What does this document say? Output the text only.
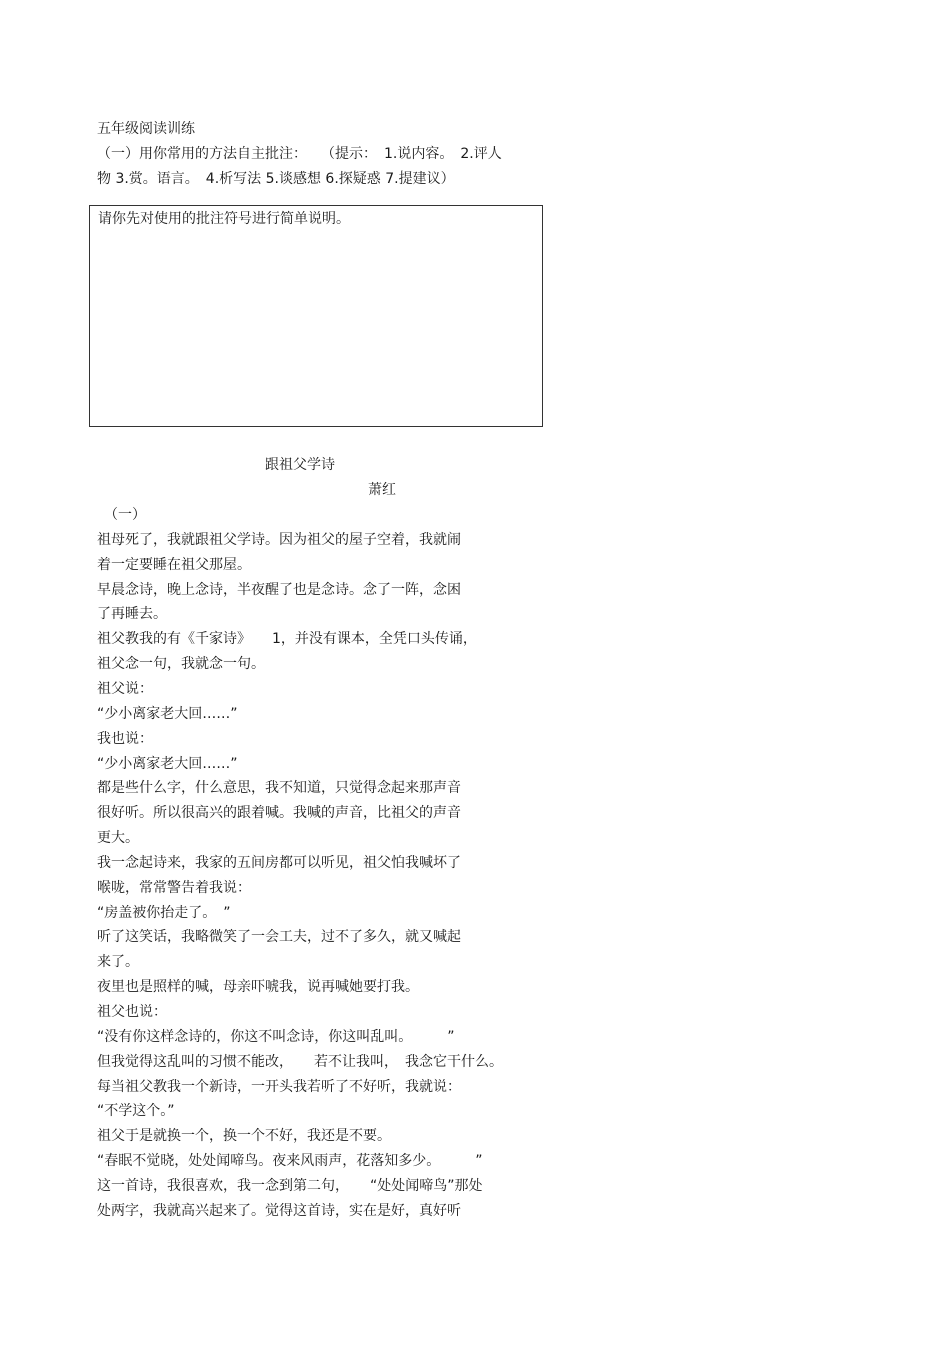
五年级阅读训练
（一）用你常用的方法自主批注：　　（提示：　1.说内容。　2.评人
物 3.赏。语言。　4.析写法 5.谈感想 6.探疑惑 7.提建议）
请你先对使用的批注符号进行简单说明。
跟祖父学诗
萧红
（一）
祖母死了，我就跟祖父学诗。因为祖父的屋子空着，我就闹
着一定要睡在祖父那屋。
早晨念诗，晚上念诗，半夜醒了也是念诗。念了一阵，念困
了再睡去。
祖父教我的有《千家诗》　　1，并没有课本，全凭口头传诵，
祖父念一句，我就念一句。
祖父说：
“少小离家老大回……”
我也说：
“少小离家老大回……”
都是些什么字，什么意思，我不知道，只觉得念起来那声音
很好听。所以很高兴的跟着喊。我喊的声音，比祖父的声音
更大。
我一念起诗来，我家的五间房都可以听见，祖父怕我喊坏了
喉咙，常常警告着我说：
“房盖被你抬走了。　”
听了这笑话，我略微笑了一会工夫，过不了多久，就又喊起
来了。
夜里也是照样的喊，母亲吓唬我，说再喊她要打我。
祖父也说：
“没有你这样念诗的，你这不叫念诗，你这叫乱叫。　　　”
但我觉得这乱叫的习惯不能改，　　若不让我叫，　我念它干什么。
每当祖父教我一个新诗，一开头我若听了不好听，我就说：
“不学这个。”
祖父于是就换一个，换一个不好，我还是不要。
“春眠不觉晓，处处闻啼鸟。夜来风雨声，花落知多少。　　　”
这一首诗，我很喜欢，我一念到第二句，　　“处处闻啼鸟”那处
处两字，我就高兴起来了。觉得这首诗，实在是好，真好听
